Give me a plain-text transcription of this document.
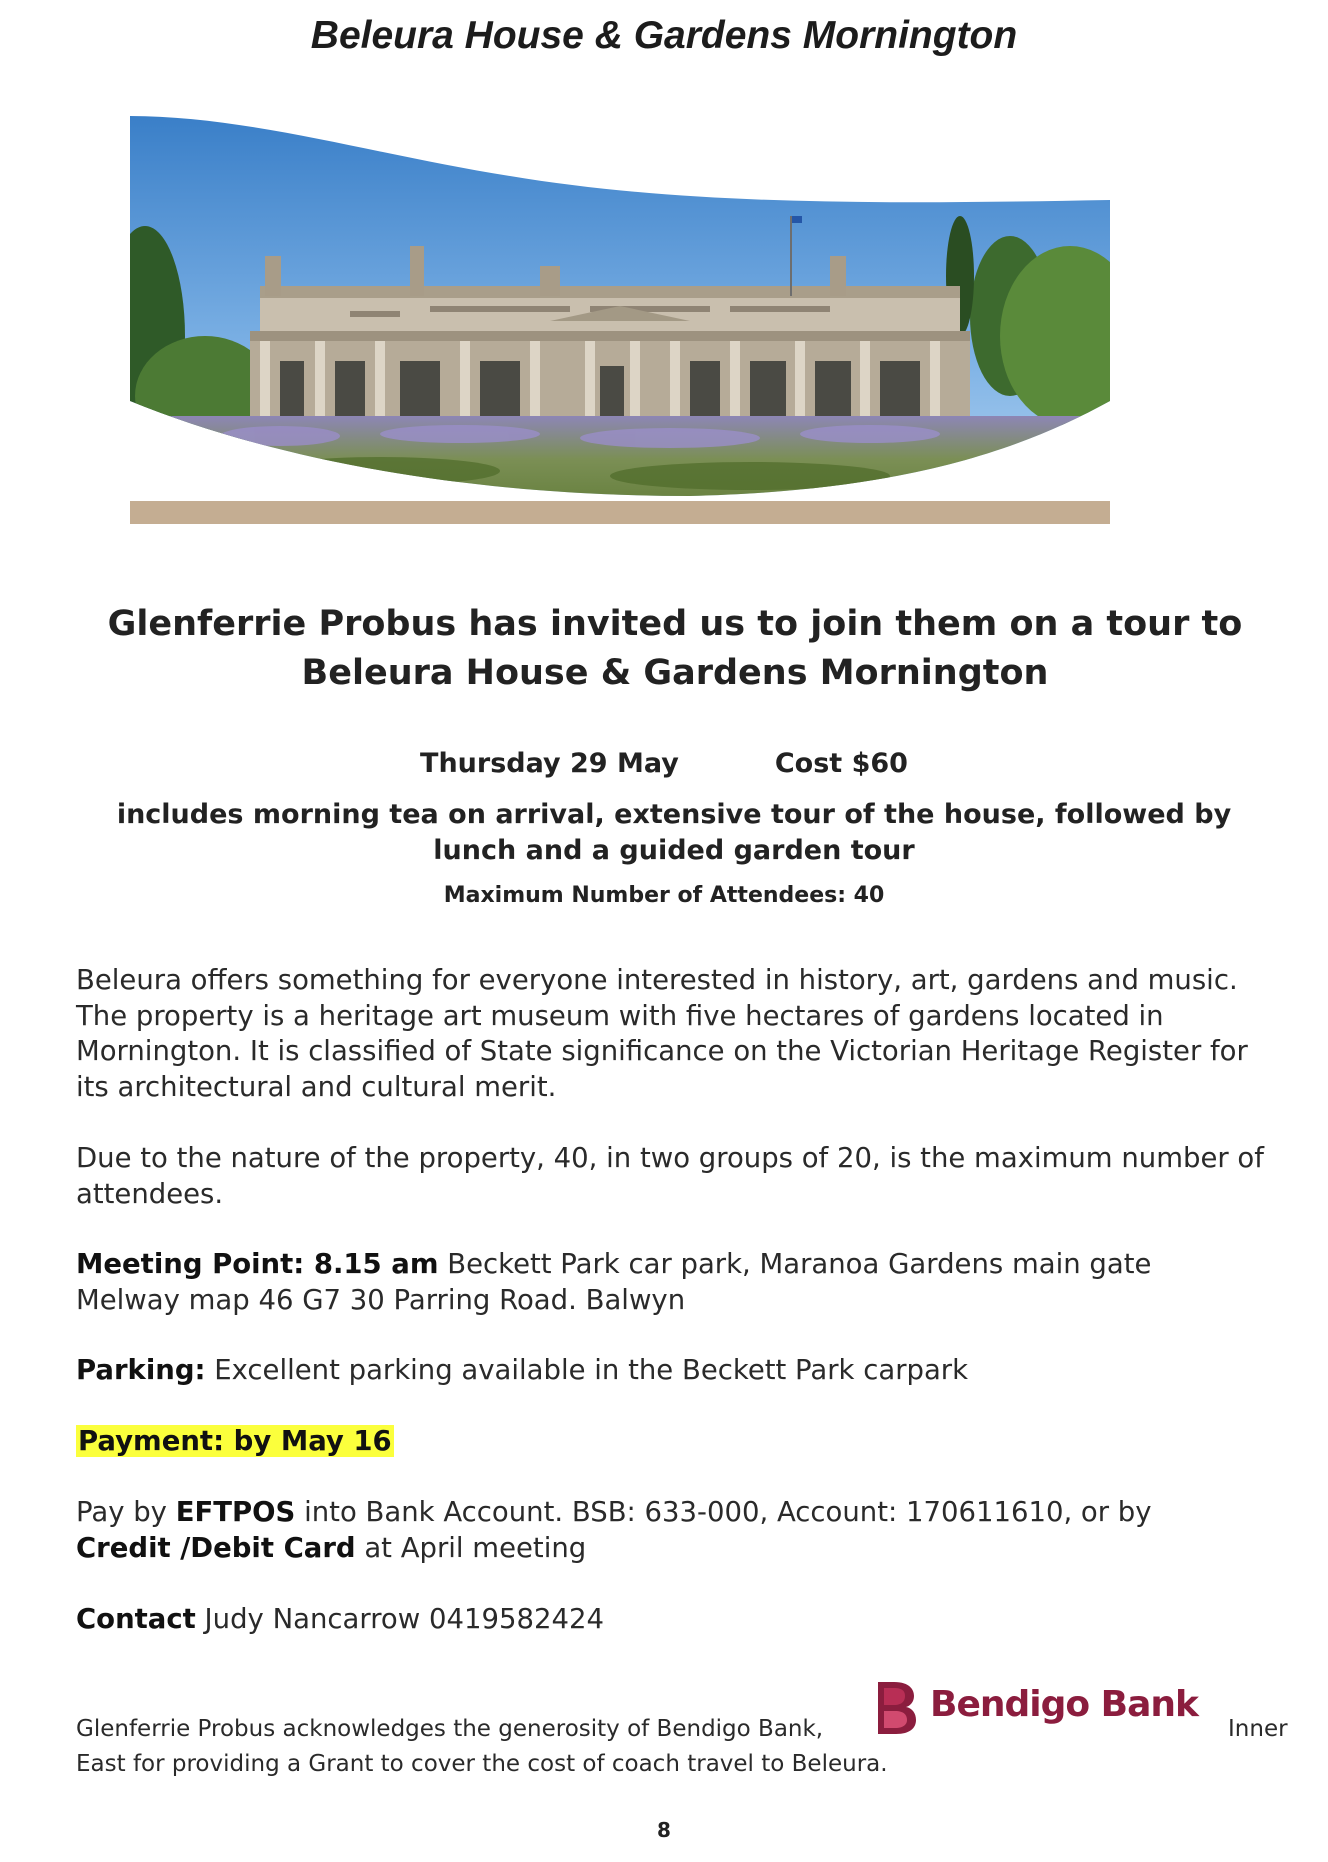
Beleura House & Gardens Mornington
Glenferrie Probus has invited us to join them on a tour to Beleura House & Gardens Mornington
Thursday 29 May	Cost $60
includes morning tea on arrival, extensive tour of the house, followed by lunch and a guided garden tour
Maximum Number of Attendees: 40
Beleura offers something for everyone interested in history, art, gardens and music. The property is a heritage art museum with five hectares of gardens located in Mornington. It is classified of State significance on the Victorian Heritage Register for its architectural and cultural merit.
Due to the nature of the property, 40, in two groups of 20, is the maximum number of attendees.
Meeting Point: 8.15 am Beckett Park car park, Maranoa Gardens main gate
Melway map 46 G7 30 Parring Road. Balwyn
Parking: Excellent parking available in the Beckett Park carpark
Payment: by May 16
Pay by EFTPOS into Bank Account. BSB: 633-000, Account: 170611610, or by
Credit /Debit Card at April meeting
Contact Judy Nancarrow 0419582424
Glenferrie Probus acknowledges the generosity of Bendigo Bank,
East for providing a Grant to cover the cost of coach travel to Beleura.
Inner
Bendigo Bank
8
